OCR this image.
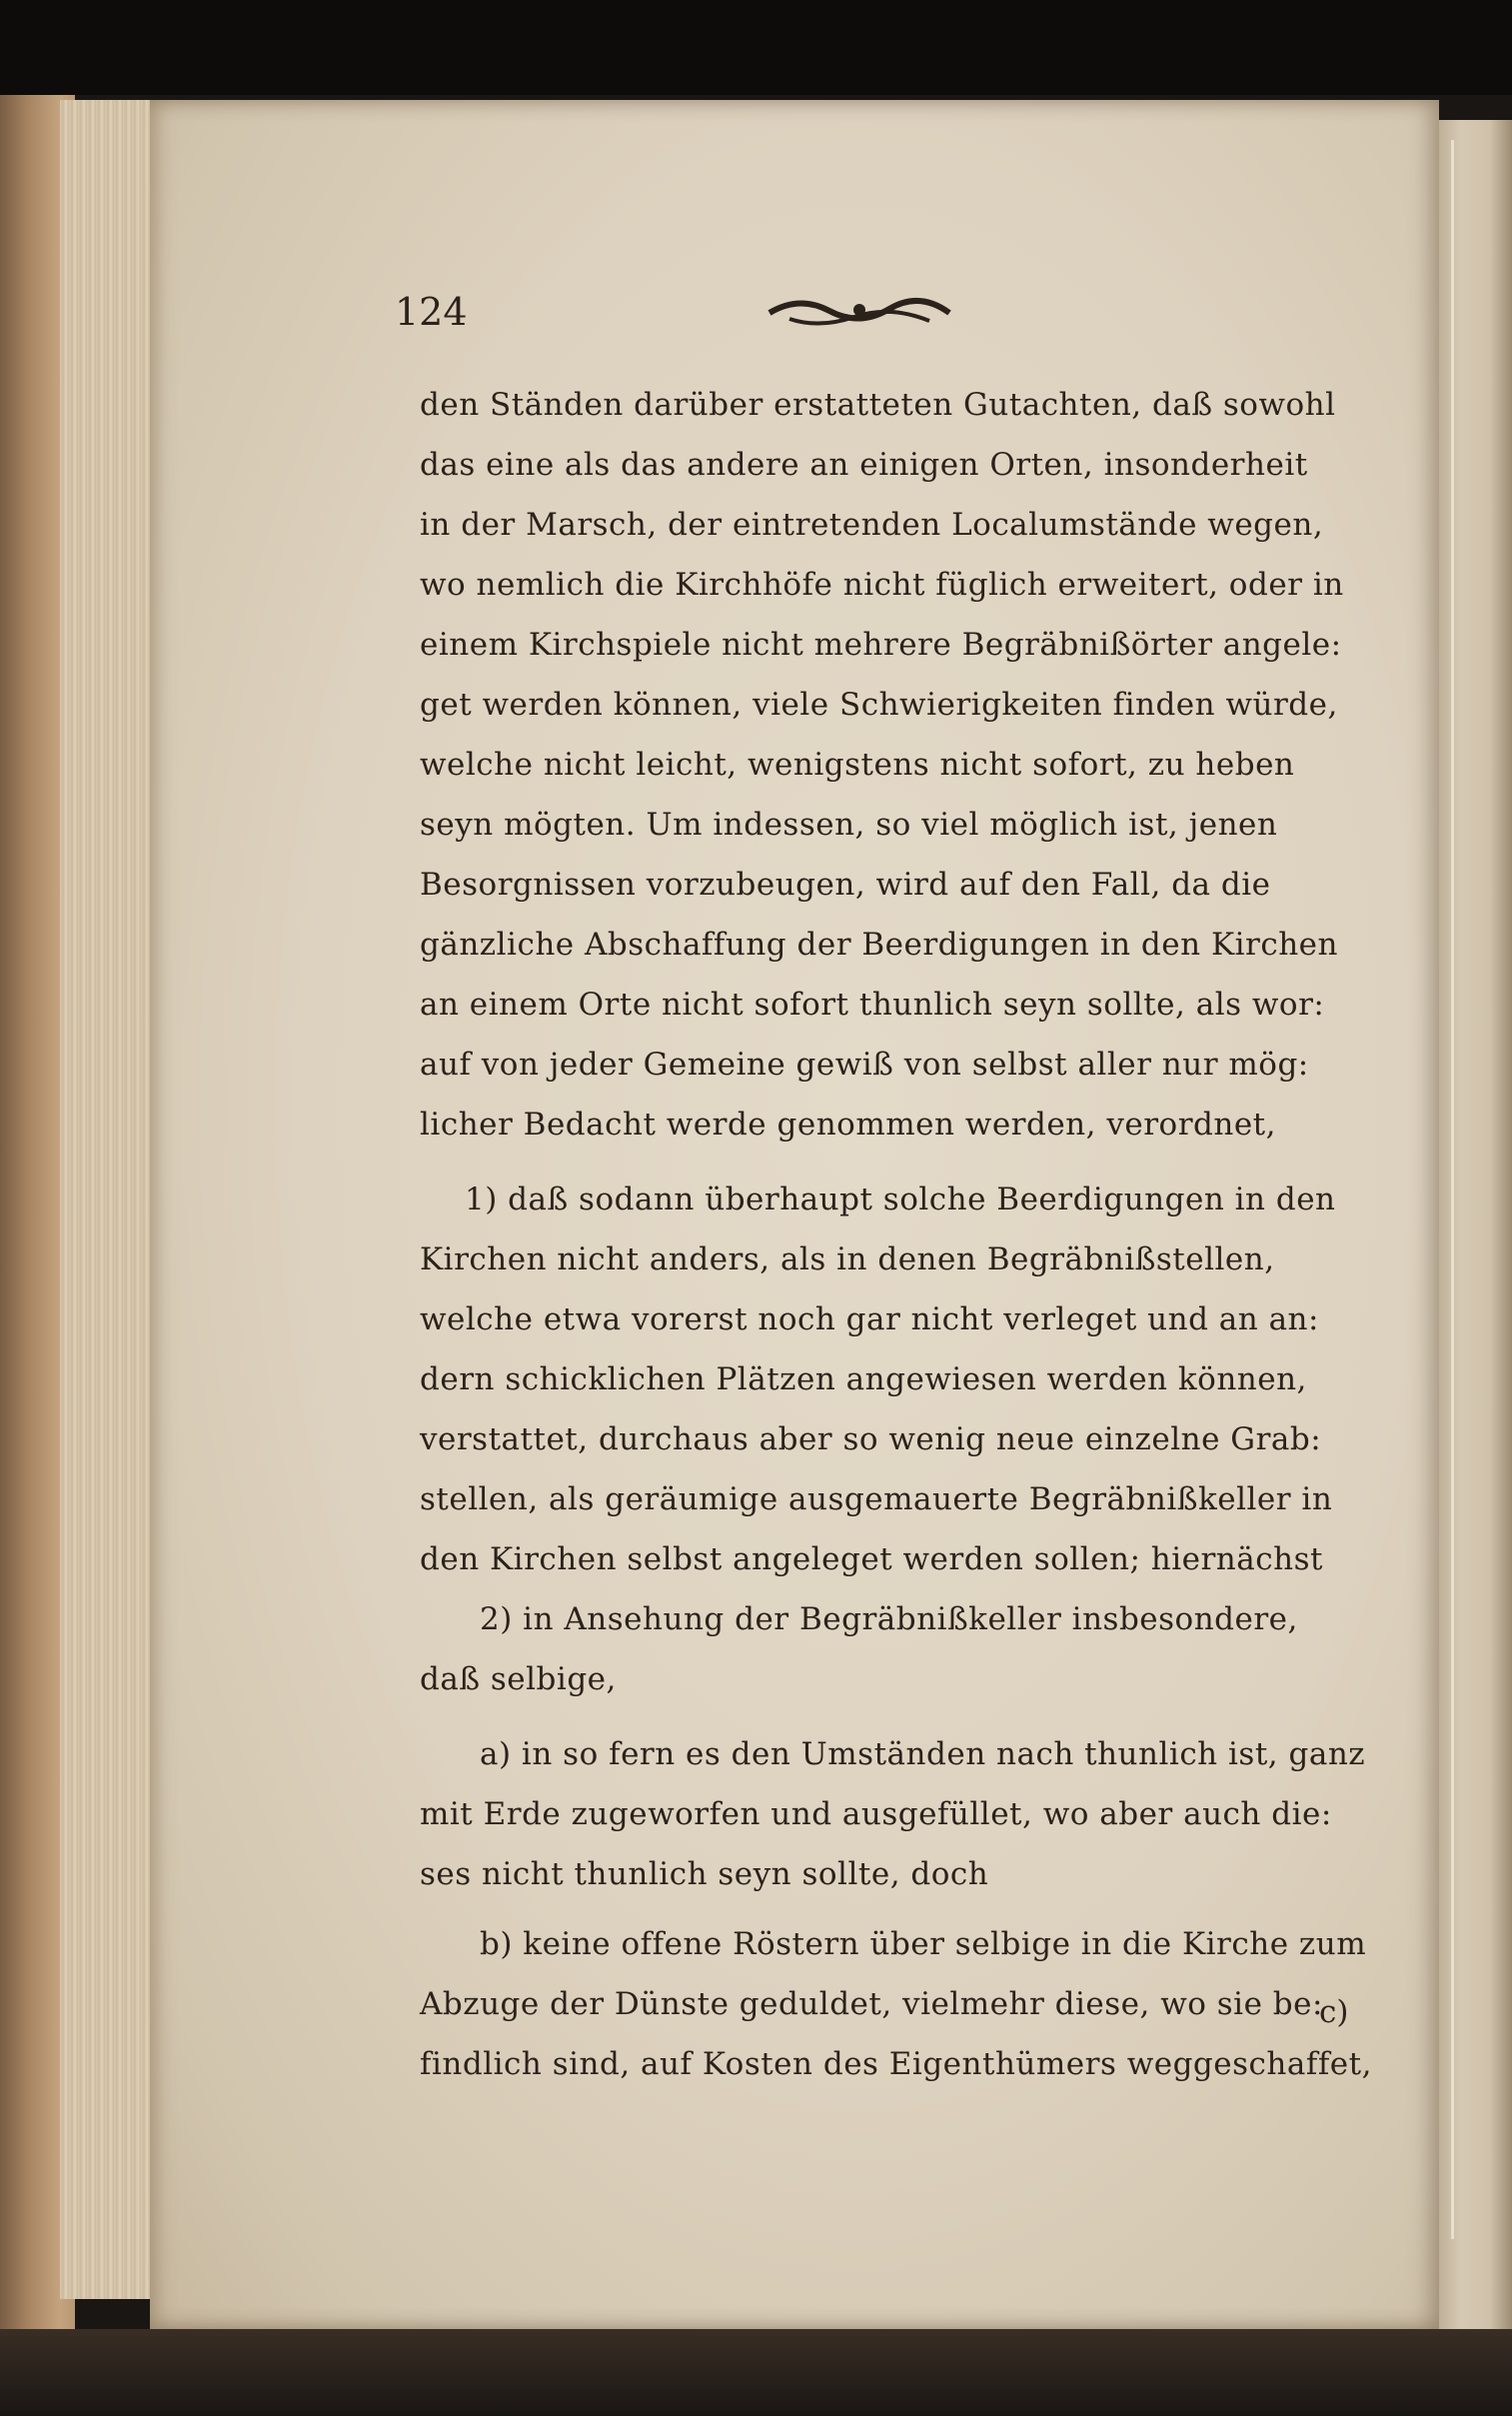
124
den Ständen darüber erstatteten Gutachten, daß sowohl
das eine als das andere an einigen Orten, insonderheit
in der Marsch, der eintretenden Localumstände wegen,
wo nemlich die Kirchhöfe nicht füglich erweitert, oder in
einem Kirchspiele nicht mehrere Begräbnißörter angele:
get werden können, viele Schwierigkeiten finden würde,
welche nicht leicht, wenigstens nicht sofort, zu heben
seyn mögten. Um indessen, so viel möglich ist, jenen
Besorgnissen vorzubeugen, wird auf den Fall, da die
gänzliche Abschaffung der Beerdigungen in den Kirchen
an einem Orte nicht sofort thunlich seyn sollte, als wor:
auf von jeder Gemeine gewiß von selbst aller nur mög:
licher Bedacht werde genommen werden, verordnet,
1) daß sodann überhaupt solche Beerdigungen in den
Kirchen nicht anders, als in denen Begräbnißstellen,
welche etwa vorerst noch gar nicht verleget und an an:
dern schicklichen Plätzen angewiesen werden können,
verstattet, durchaus aber so wenig neue einzelne Grab:
stellen, als geräumige ausgemauerte Begräbnißkeller in
den Kirchen selbst angeleget werden sollen; hiernächst
2) in Ansehung der Begräbnißkeller insbesondere,
daß selbige,
a) in so fern es den Umständen nach thunlich ist, ganz
mit Erde zugeworfen und ausgefüllet, wo aber auch die:
ses nicht thunlich seyn sollte, doch
b) keine offene Röstern über selbige in die Kirche zum
Abzuge der Dünste geduldet, vielmehr diese, wo sie be:
findlich sind, auf Kosten des Eigenthümers weggeschaffet,
c)
